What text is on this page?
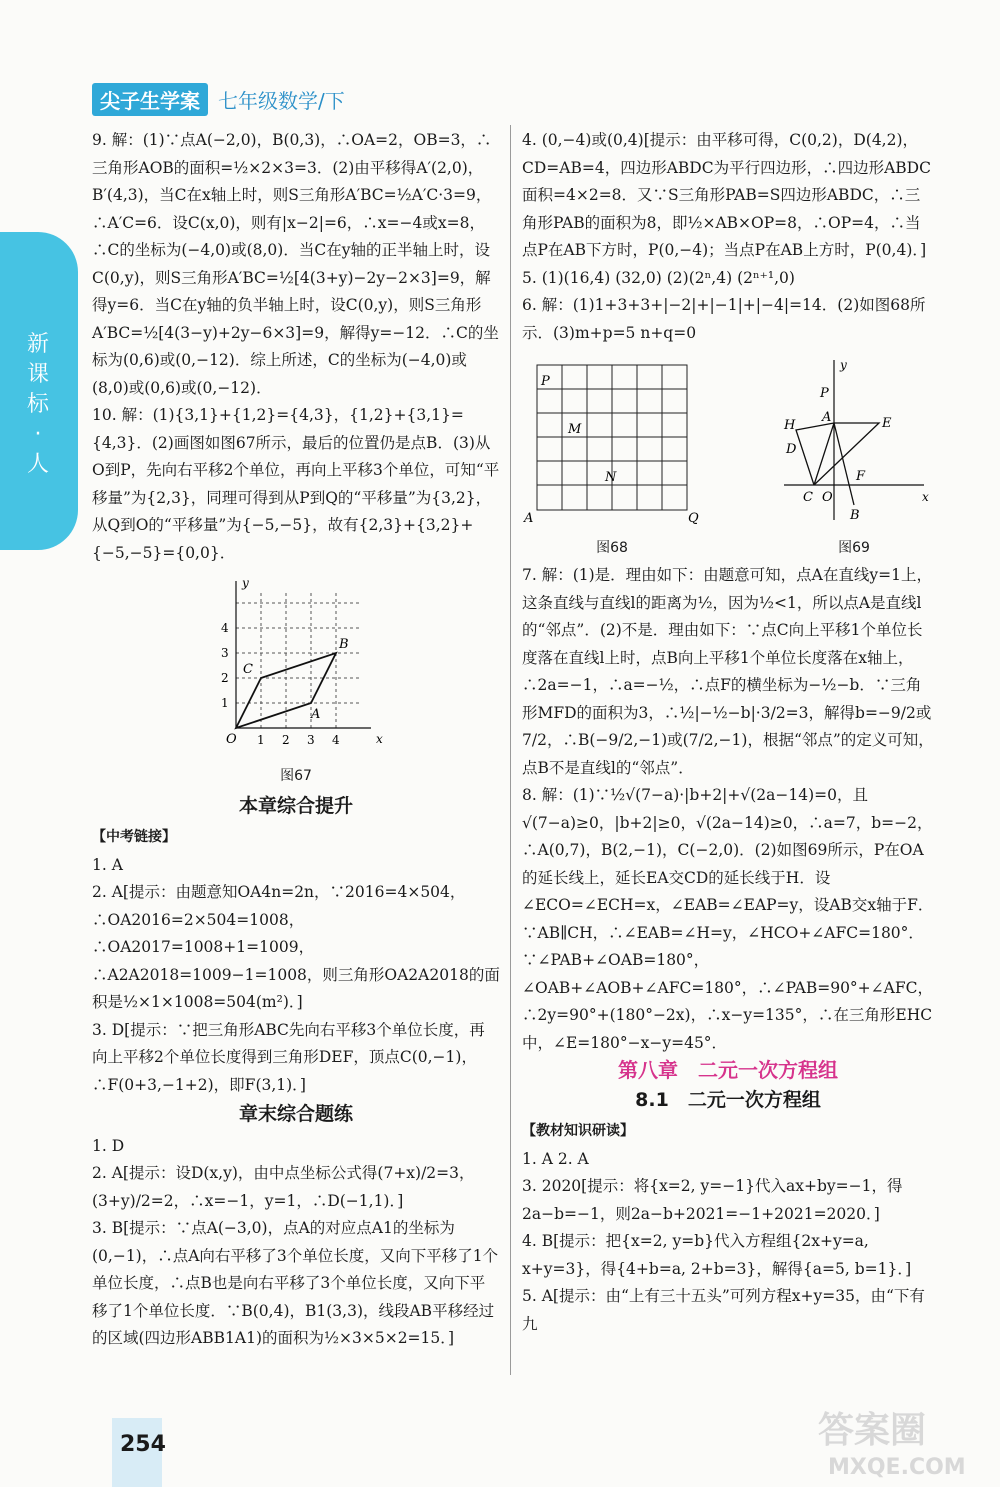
新
课
标
·
人
尖子生学案 七年级数学/下

9. 解：(1)∵点A(−2,0)，B(0,3)，∴OA=2，OB=3，∴三角形AOB的面积=½×2×3=3．(2)由平移得A′(2,0)，B′(4,3)，当C在x轴上时，则S三角形A′BC=½A′C·3=9，∴A′C=6．设C(x,0)，则有|x−2|=6，∴x=−4或x=8，∴C的坐标为(−4,0)或(8,0)．当C在y轴的正半轴上时，设C(0,y)，则S三角形A′BC=½[4(3+y)−2y−2×3]=9，解得y=6．当C在y轴的负半轴上时，设C(0,y)，则S三角形A′BC=½[4(3−y)+2y−6×3]=9，解得y=−12．∴C的坐标为(0,6)或(0,−12)．综上所述，C的坐标为(−4,0)或(8,0)或(0,6)或(0,−12)．

10. 解：(1){3,1}+{1,2}={4,3}，{1,2}+{3,1}={4,3}．(2)画图如图67所示，最后的位置仍是点B．(3)从O到P，先向右平移2个单位，再向上平移3个单位，可知“平移量”为{2,3}，同理可得到从P到Q的“平移量”为{3,2}，从Q到O的“平移量”为{−5,−5}，故有{2,3}+{3,2}+{−5,−5}={0,0}．

O
C
B
A
x
y
1 2 3 4
1
2
3
4
图67
本章综合提升
【中考链接】

1. A

2. A[提示：由题意知OA4n=2n，∵2016=4×504，∴OA2016=2×504=1008，∴OA2017=1008+1=1009，∴A2A2018=1009−1=1008，则三角形OA2A2018的面积是½×1×1008=504(m²)．]

3. D[提示：∵把三角形ABC先向右平移3个单位长度，再向上平移2个单位长度得到三角形DEF，顶点C(0,−1)，∴F(0+3,−1+2)，即F(3,1)．]

章末综合题练

1. D

2. A[提示：设D(x,y)，由中点坐标公式得(7+x)/2=3，(3+y)/2=2，∴x=−1，y=1，∴D(−1,1)．]

3. B[提示：∵点A(−3,0)，点A的对应点A1的坐标为(0,−1)，∴点A向右平移了3个单位长度，又向下平移了1个单位长度，∴点B也是向右平移了3个单位长度，又向下平移了1个单位长度．∵B(0,4)，B1(3,3)，线段AB平移经过的区域(四边形ABB1A1)的面积为½×3×5×2=15．]

4. (0,−4)或(0,4)[提示：由平移可得，C(0,2)，D(4,2)，CD=AB=4，四边形ABDC为平行四边形，∴四边形ABDC面积=4×2=8．又∵S三角形PAB=S四边形ABDC，∴三角形PAB的面积为8，即½×AB×OP=8，∴OP=4，∴当点P在AB下方时，P(0,−4)；当点P在AB上方时，P(0,4)．]

5. (1)(16,4) (32,0) (2)(2ⁿ,4) (2ⁿ⁺¹,0)

6. 解：(1)1+3+3+|−2|+|−1|+|−4|=14．(2)如图68所示．(3)m+p=5 n+q=0

P
M
N
A	Q
图68
y
P
A
H	E
D
F
C O
B
x
图69

7. 解：(1)是．理由如下：由题意可知，点A在直线y=1上，这条直线与直线l的距离为½，因为½<1，所以点A是直线l的“邻点”．(2)不是．理由如下：∵点C向上平移1个单位长度落在直线l上时，点B向上平移1个单位长度落在x轴上，∴2a=−1，∴a=−½，∴点F的横坐标为−½−b．∵三角形MFD的面积为3，∴½|−½−b|·3/2=3，解得b=−9/2或7/2，∴B(−9/2,−1)或(7/2,−1)，根据“邻点”的定义可知，点B不是直线l的“邻点”．

8. 解：(1)∵½√(7−a)·|b+2|+√(2a−14)=0，且√(7−a)≥0，|b+2|≥0，√(2a−14)≥0，∴a=7，b=−2，∴A(0,7)，B(2,−1)，C(−2,0)．(2)如图69所示，P在OA的延长线上，延长EA交CD的延长线于H．设∠ECO=∠ECH=x，∠EAB=∠EAP=y，设AB交x轴于F．∵AB∥CH，∴∠EAB=∠H=y，∠HCO+∠AFC=180°．∵∠PAB+∠OAB=180°，∠OAB+∠AOB+∠AFC=180°，∴∠PAB=90°+∠AFC，∴2y=90°+(180°−2x)，∴x−y=135°，∴在三角形EHC中，∠E=180°−x−y=45°．

第八章　二元一次方程组
8.1　二元一次方程组
【教材知识研读】

1. A 2. A

3. 2020[提示：将{x=2, y=−1}代入ax+by=−1，得2a−b=−1，则2a−b+2021=−1+2021=2020．]

4. B[提示：把{x=2, y=b}代入方程组{2x+y=a, x+y=3}，得{4+b=a, 2+b=3}，解得{a=5, b=1}．]

5. A[提示：由“上有三十五头”可列方程x+y=35，由“下有九

254	答案圈
MXQE.COM
